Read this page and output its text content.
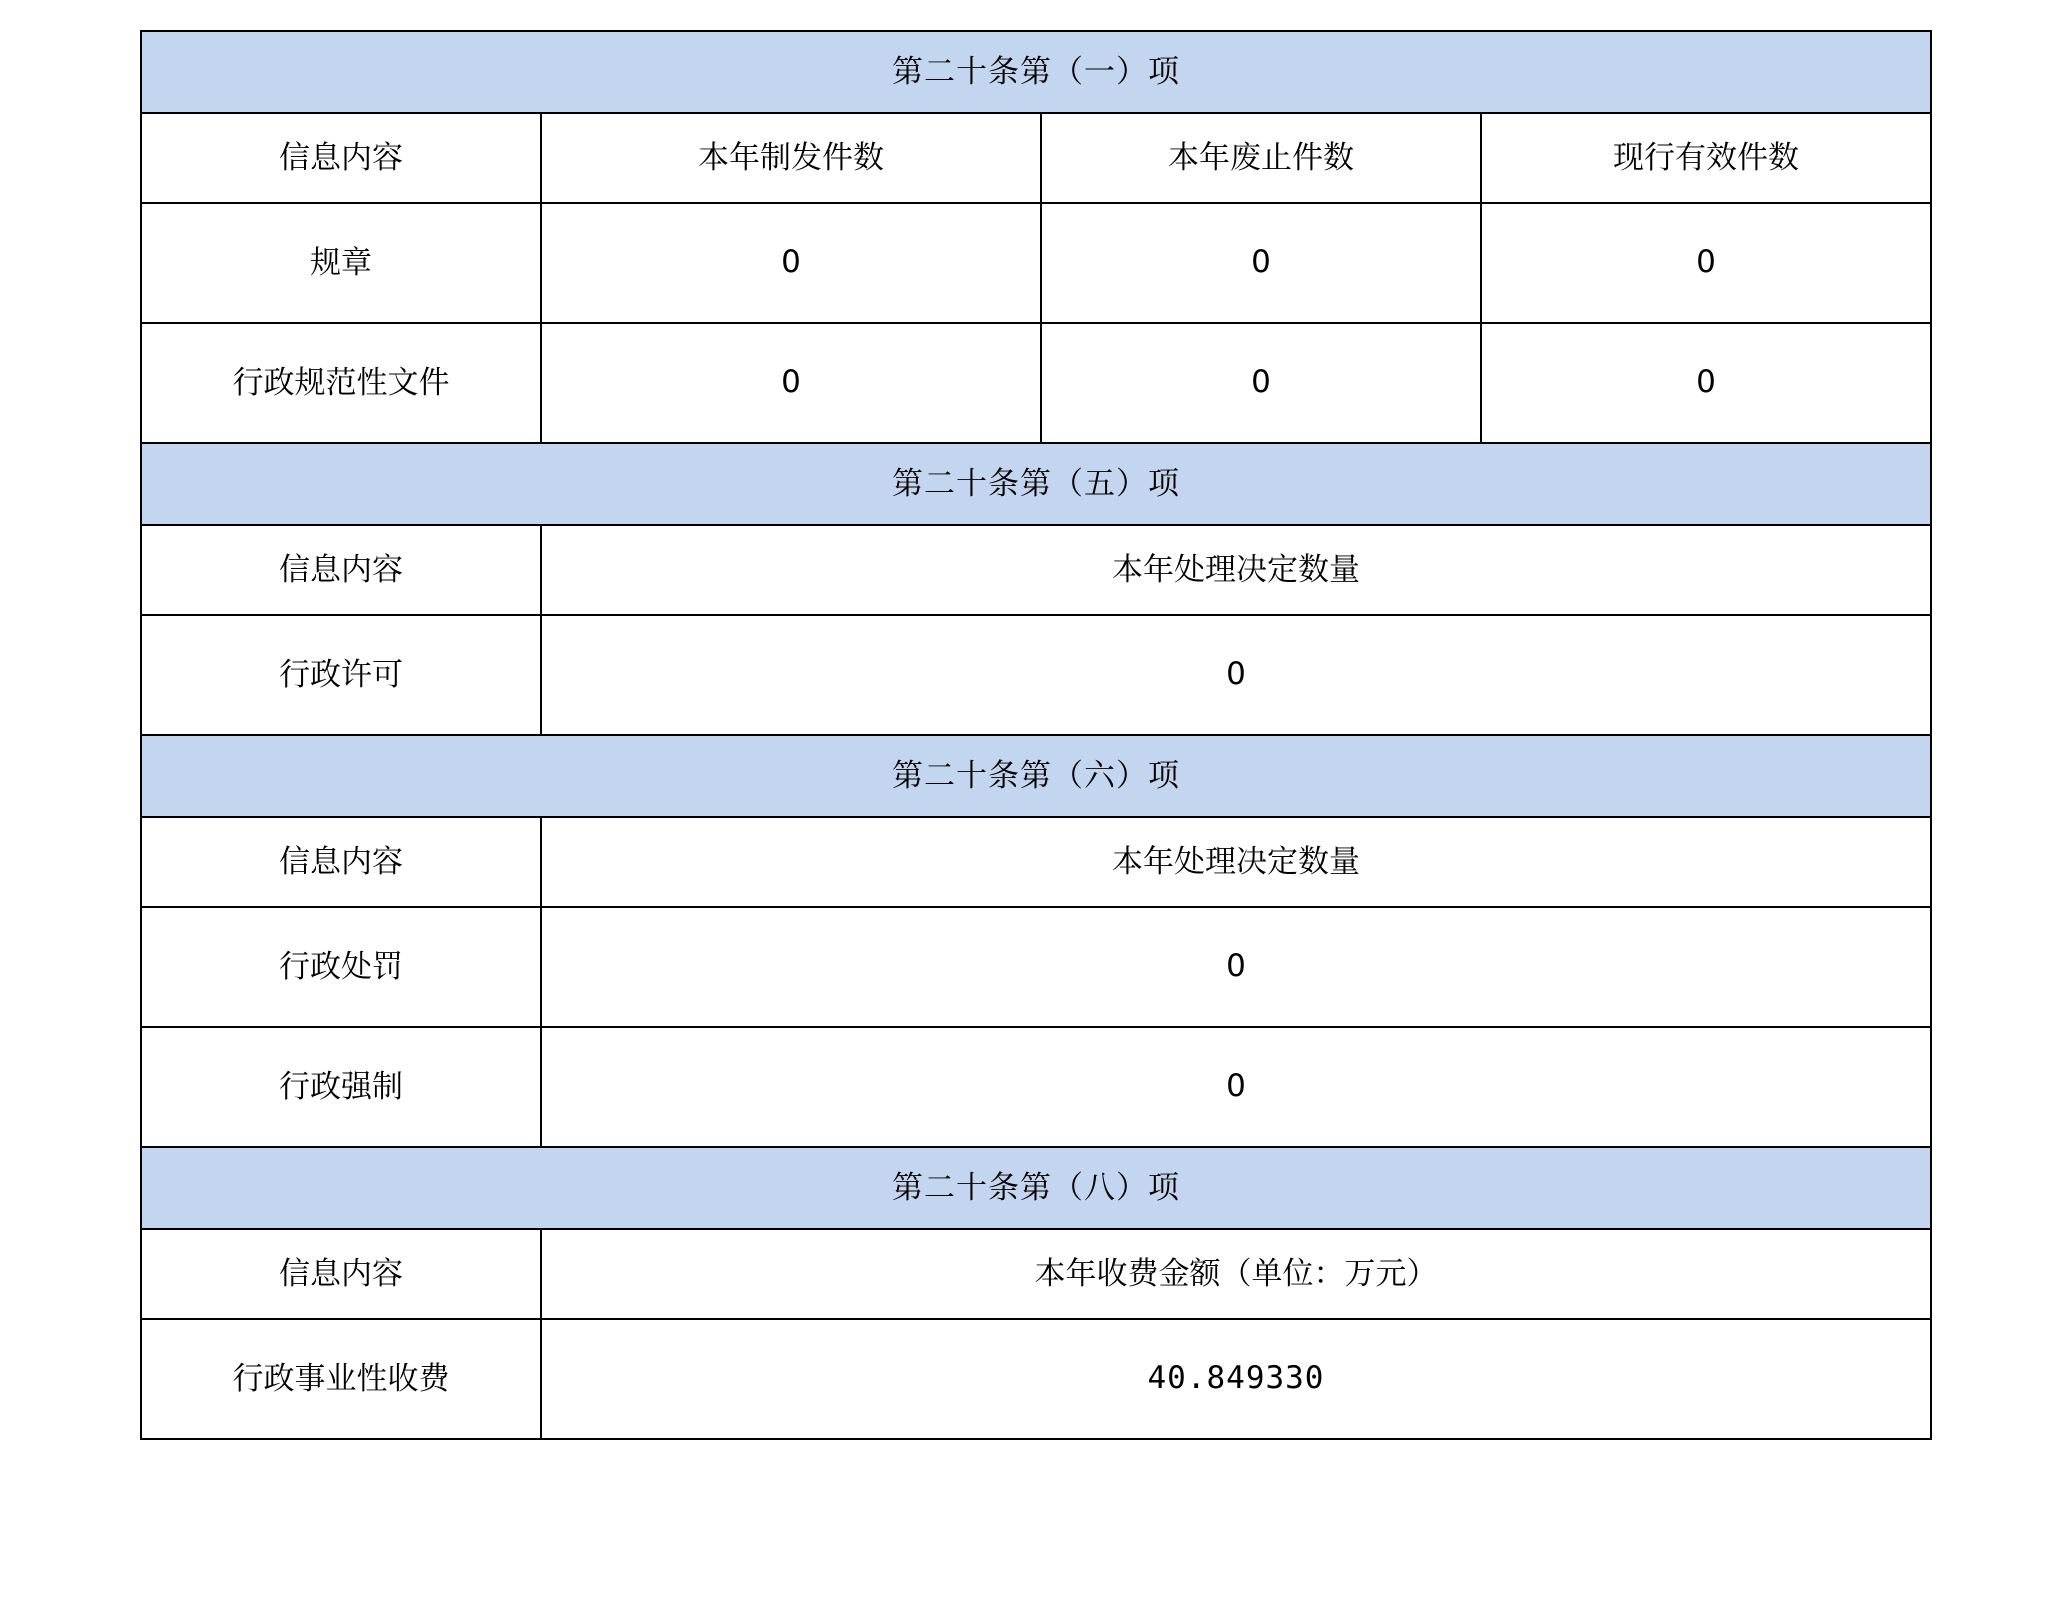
第二十条第（一）项			
信息内容	本年制发件数	本年废止件数	现行有效件数
规章	0	0	0
行政规范性文件	0	0	0
第二十条第（五）项			
信息内容	本年处理决定数量		
行政许可	0		
第二十条第（六）项			
信息内容	本年处理决定数量		
行政处罚	0		
行政强制	0		
第二十条第（八）项			
信息内容	本年收费金额（单位：万元）		
行政事业性收费	40.849330		
